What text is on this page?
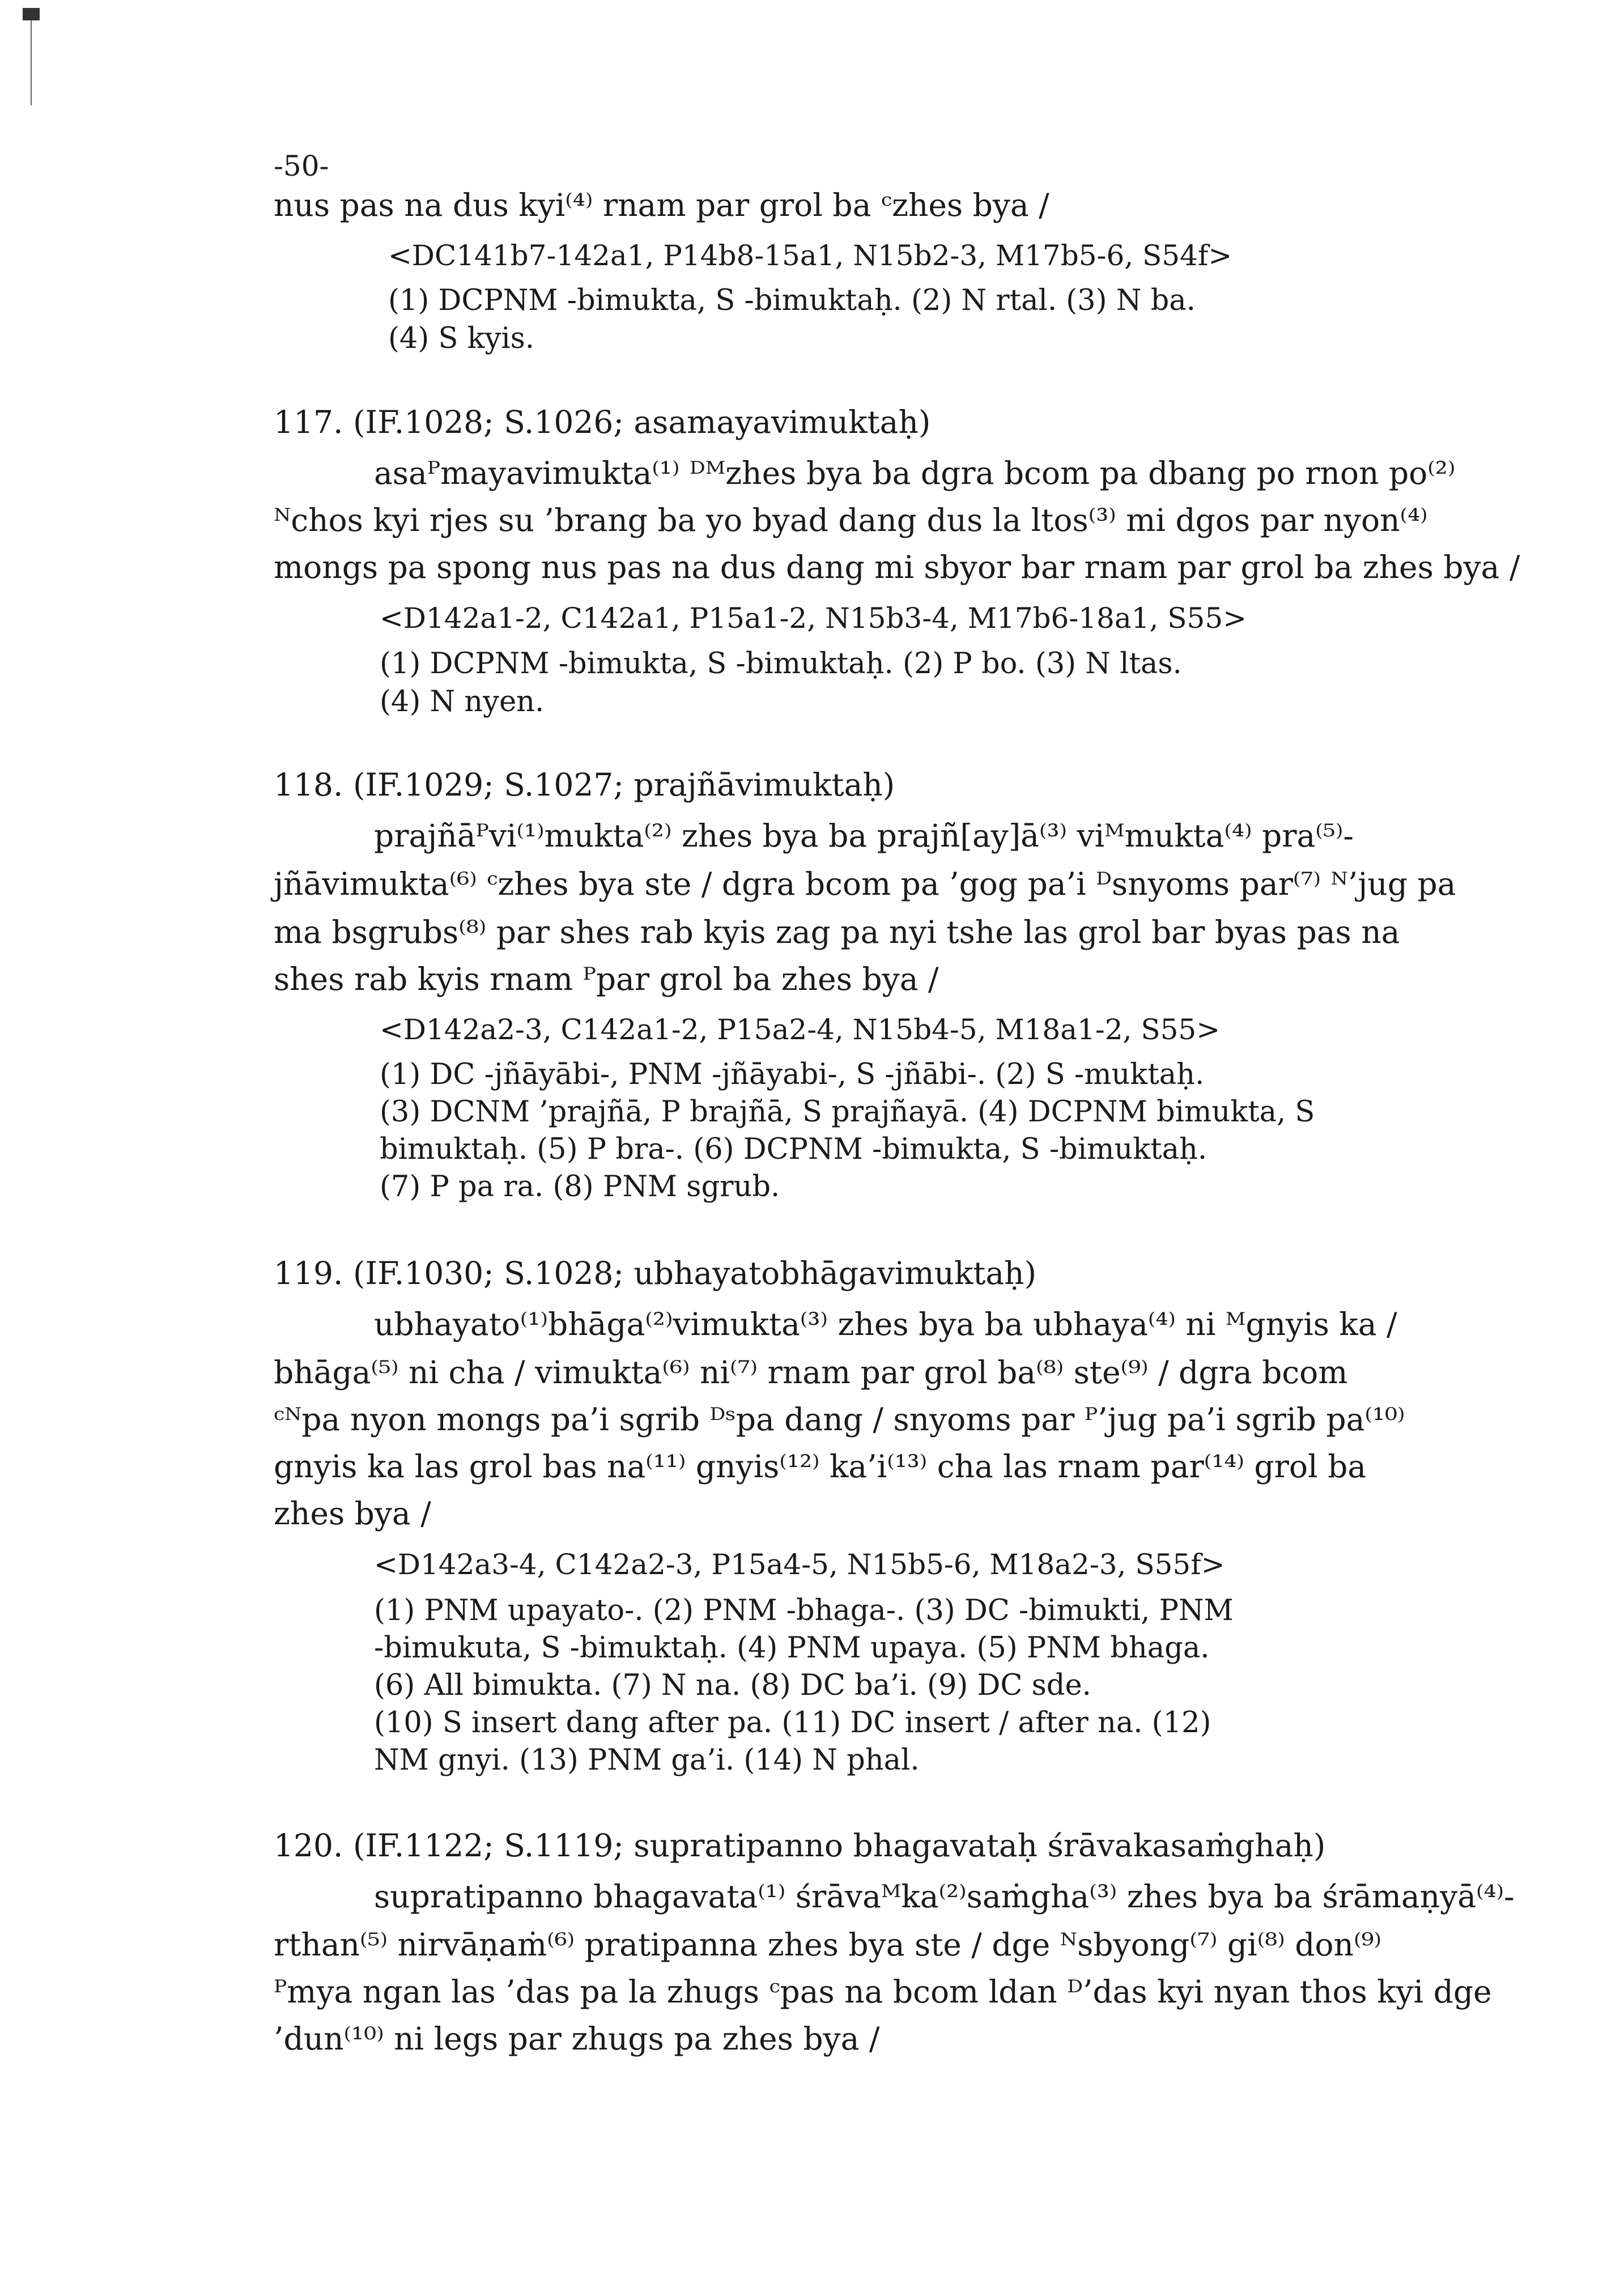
-50-
nus pas na dus kyi⁽⁴⁾ rnam par grol ba ᶜzhes bya /
<DC141b7-142a1, P14b8-15a1, N15b2-3, M17b5-6, S54f>
(1) DCPNM -bimukta, S -bimuktaḥ. (2) N rtal. (3) N ba.
(4) S kyis.
117. (IF.1028; S.1026; asamayavimuktaḥ)
asaᴾmayavimukta⁽¹⁾ ᴰᴹzhes bya ba dgra bcom pa dbang po rnon po⁽²⁾
ᴺchos kyi rjes su ’brang ba yo byad dang dus la ltos⁽³⁾ mi dgos par nyon⁽⁴⁾
mongs pa spong nus pas na dus dang mi sbyor bar rnam par grol ba zhes bya /
<D142a1-2, C142a1, P15a1-2, N15b3-4, M17b6-18a1, S55>
(1) DCPNM -bimukta, S -bimuktaḥ. (2) P bo. (3) N ltas.
(4) N nyen.
118. (IF.1029; S.1027; prajñāvimuktaḥ)
prajñāᴾvi⁽¹⁾mukta⁽²⁾ zhes bya ba prajñ[ay]ā⁽³⁾ viᴹmukta⁽⁴⁾ pra⁽⁵⁾-
jñāvimukta⁽⁶⁾ ᶜzhes bya ste / dgra bcom pa ’gog pa’i ᴰsnyoms par⁽⁷⁾ ᴺ’jug pa
ma bsgrubs⁽⁸⁾ par shes rab kyis zag pa nyi tshe las grol bar byas pas na
shes rab kyis rnam ᴾpar grol ba zhes bya /
<D142a2-3, C142a1-2, P15a2-4, N15b4-5, M18a1-2, S55>
(1) DC -jñāyābi-, PNM -jñāyabi-, S -jñābi-. (2) S -muktaḥ.
(3) DCNM ’prajñā, P brajñā, S prajñayā. (4) DCPNM bimukta, S
bimuktaḥ. (5) P bra-. (6) DCPNM -bimukta, S -bimuktaḥ.
(7) P pa ra. (8) PNM sgrub.
119. (IF.1030; S.1028; ubhayatobhāgavimuktaḥ)
ubhayato⁽¹⁾bhāga⁽²⁾vimukta⁽³⁾ zhes bya ba ubhaya⁽⁴⁾ ni ᴹgnyis ka /
bhāga⁽⁵⁾ ni cha / vimukta⁽⁶⁾ ni⁽⁷⁾ rnam par grol ba⁽⁸⁾ ste⁽⁹⁾ / dgra bcom
ᶜᴺpa nyon mongs pa’i sgrib ᴰˢpa dang / snyoms par ᴾ’jug pa’i sgrib pa⁽¹⁰⁾
gnyis ka las grol bas na⁽¹¹⁾ gnyis⁽¹²⁾ ka’i⁽¹³⁾ cha las rnam par⁽¹⁴⁾ grol ba
zhes bya /
<D142a3-4, C142a2-3, P15a4-5, N15b5-6, M18a2-3, S55f>
(1) PNM upayato-. (2) PNM -bhaga-. (3) DC -bimukti, PNM
-bimukuta, S -bimuktaḥ. (4) PNM upaya. (5) PNM bhaga.
(6) All bimukta. (7) N na. (8) DC ba’i. (9) DC sde.
(10) S insert dang after pa. (11) DC insert / after na. (12)
NM gnyi. (13) PNM ga’i. (14) N phal.
120. (IF.1122; S.1119; supratipanno bhagavataḥ śrāvakasaṁghaḥ)
supratipanno bhagavata⁽¹⁾ śrāvaᴹka⁽²⁾saṁgha⁽³⁾ zhes bya ba śrāmaṇyā⁽⁴⁾-
rthan⁽⁵⁾ nirvāṇaṁ⁽⁶⁾ pratipanna zhes bya ste / dge ᴺsbyong⁽⁷⁾ gi⁽⁸⁾ don⁽⁹⁾
ᴾmya ngan las ’das pa la zhugs ᶜpas na bcom ldan ᴰ’das kyi nyan thos kyi dge
’dun⁽¹⁰⁾ ni legs par zhugs pa zhes bya /
